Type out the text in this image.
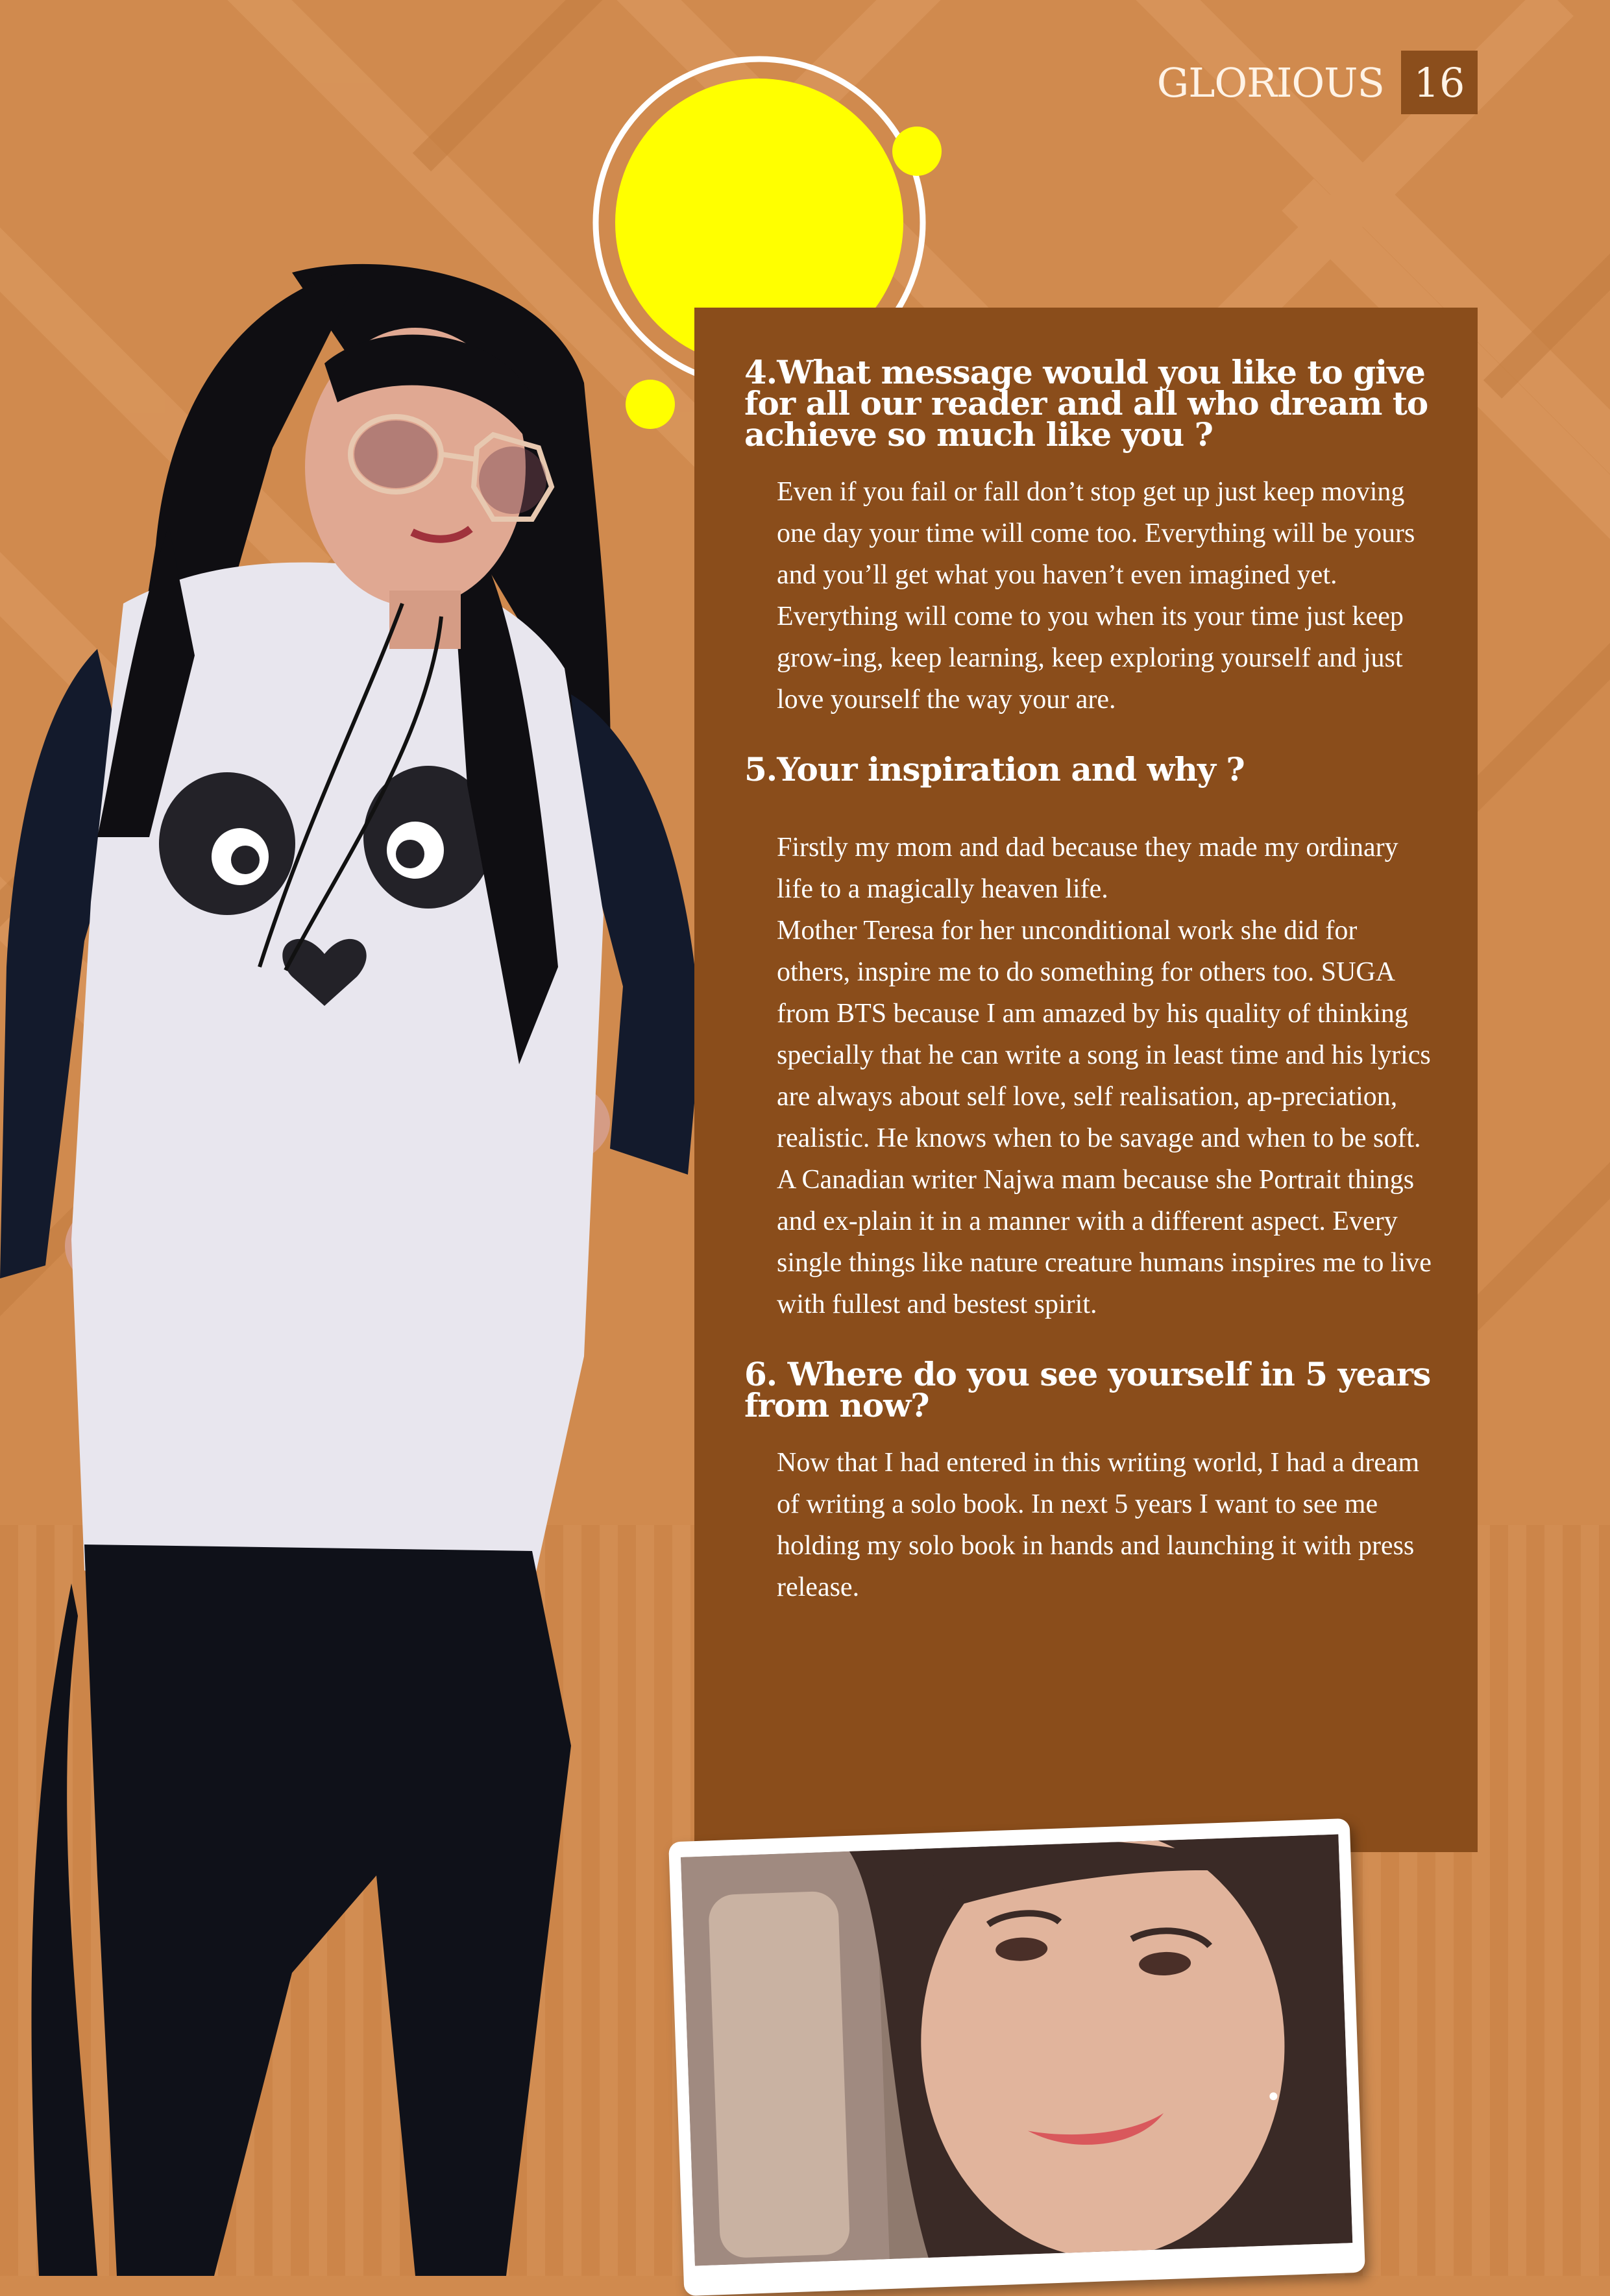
GLORIOUS 16
4.What message would you like to give for all our reader and all who dream to achieve so much like you ?
Even if you fail or fall don’t stop get up just keep moving one day your time will come too. Everything will be yours and you’ll get what you haven’t even imagined yet. Everything will come to you when its your time just keep grow-ing, keep learning, keep exploring yourself and just love yourself the way your are.
5.Your inspiration and why ?
Firstly my mom and dad because they made my ordinary life to a magically heaven life.
Mother Teresa for her unconditional work she did for others, inspire me to do something for others too. SUGA from BTS because I am amazed by his quality of thinking specially that he can write a song in least time and his lyrics are always about self love, self realisation, ap-preciation, realistic. He knows when to be savage and when to be soft. A Canadian writer Najwa mam because she Portrait things and ex-plain it in a manner with a different aspect. Every single things like nature creature humans inspires me to live with fullest and bestest spirit.
6. Where do you see yourself in 5 years from now?
Now that I had entered in this writing world, I had a dream of writing a solo book. In next 5 years I want to see me holding my solo book in hands and launching it with press release.
